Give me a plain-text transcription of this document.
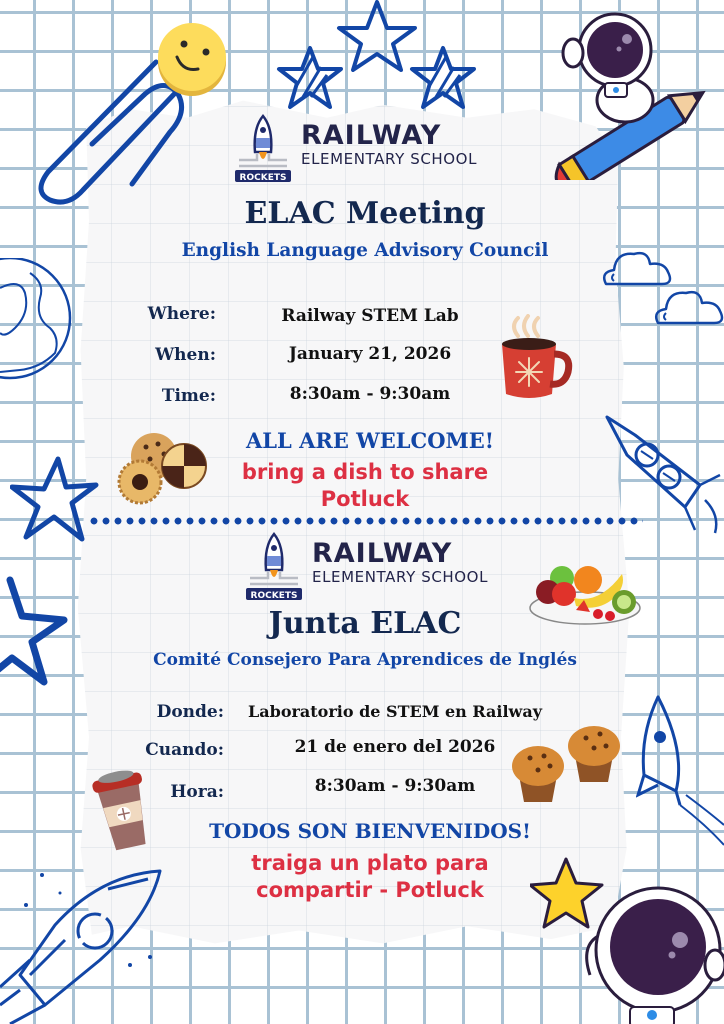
ROCKETS
RAILWAY
ELEMENTARY SCHOOL
ELAC Meeting
English Language Advisory Council
Where:	Railway STEM Lab
When:	January 21, 2026
Time:	8:30am - 9:30am
ALL ARE WELCOME!
bring a dish to share
Potluck
ROCKETS
RAILWAY
ELEMENTARY SCHOOL
Junta ELAC
Comité Consejero Para Aprendices de Inglés
Donde:	Laboratorio de STEM en Railway
Cuando:	21 de enero del 2026
Hora:	8:30am - 9:30am
TODOS SON BIENVENIDOS!
traiga un plato para
compartir - Potluck
